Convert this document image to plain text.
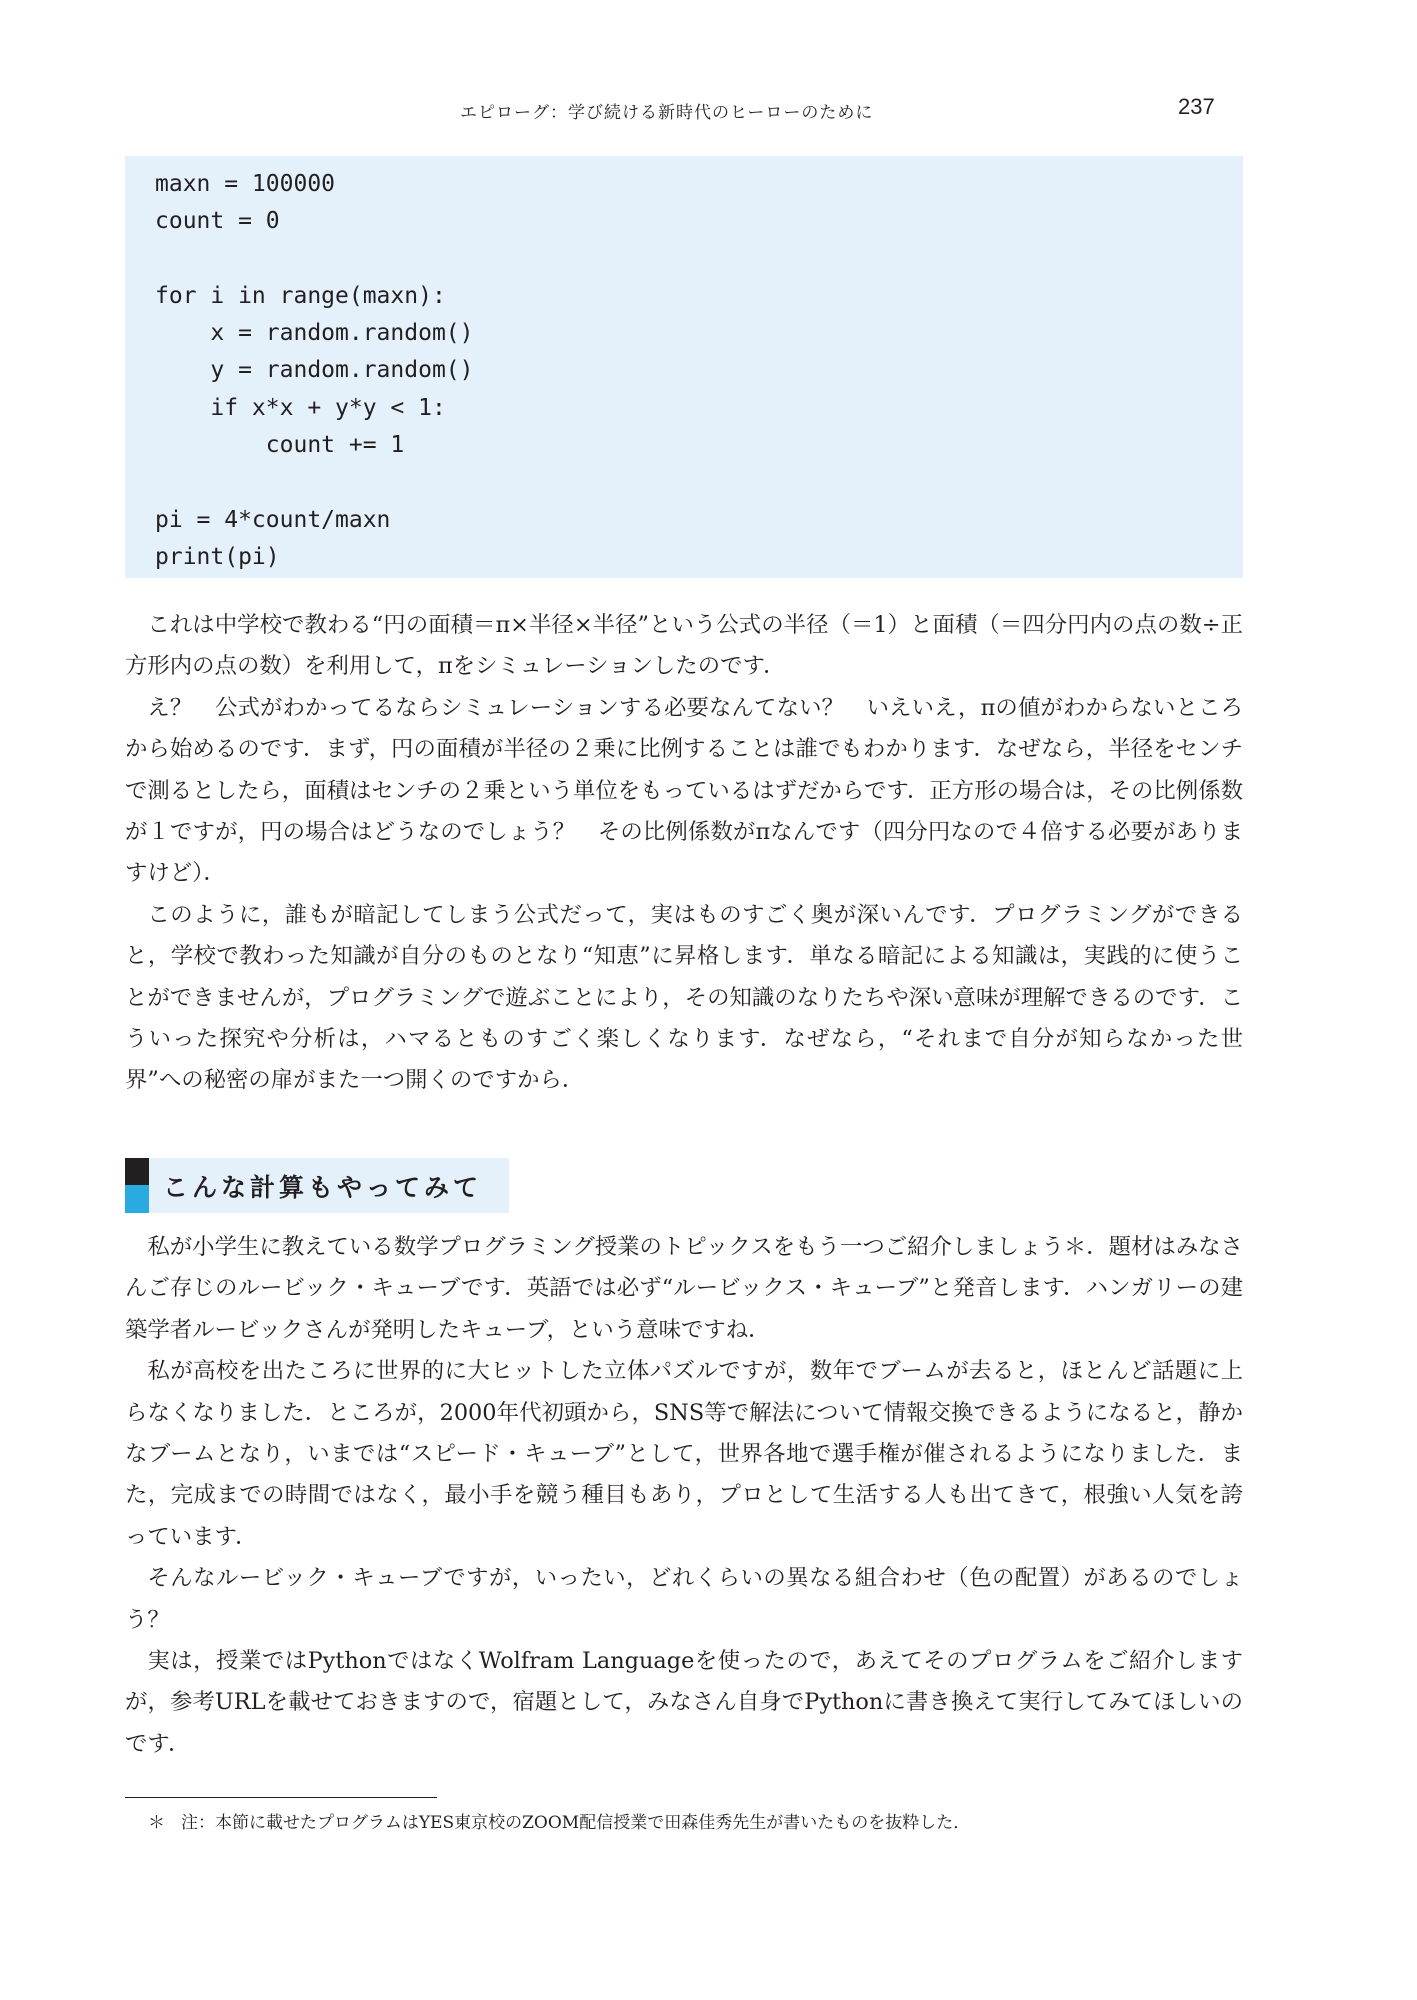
エピローグ：学び続ける新時代のヒーローのために	237
maxn = 100000
count = 0
for i in range(maxn):
x = random.random()
y = random.random()
if x*x + y*y < 1:
count += 1
pi = 4*count/maxn
print(pi)

これは中学校で教わる“円の面積＝π×半径×半径”という公式の半径（＝1）と面積（＝四分円内の点の数÷正方形内の点の数）を利用して，πをシミュレーションしたのです．

え？　公式がわかってるならシミュレーションする必要なんてない？　いえいえ，πの値がわからないところから始めるのです．まず，円の面積が半径の２乗に比例することは誰でもわかります．なぜなら，半径をセンチで測るとしたら，面積はセンチの２乗という単位をもっているはずだからです．正方形の場合は，その比例係数が１ですが，円の場合はどうなのでしょう？　その比例係数がπなんです（四分円なので４倍する必要がありますけど）．

このように，誰もが暗記してしまう公式だって，実はものすごく奥が深いんです．プログラミングができると，学校で教わった知識が自分のものとなり“知恵”に昇格します．単なる暗記による知識は，実践的に使うことができませんが，プログラミングで遊ぶことにより，その知識のなりたちや深い意味が理解できるのです．こういった探究や分析は，ハマるとものすごく楽しくなります．なぜなら，“それまで自分が知らなかった世界”への秘密の扉がまた一つ開くのですから．

こんな計算もやってみて

私が小学生に教えている数学プログラミング授業のトピックスをもう一つご紹介しましょう＊．題材はみなさんご存じのルービック・キューブです．英語では必ず“ルービックス・キューブ”と発音します．ハンガリーの建築学者ルービックさんが発明したキューブ，という意味ですね．

私が高校を出たころに世界的に大ヒットした立体パズルですが，数年でブームが去ると，ほとんど話題に上らなくなりました．ところが，2000年代初頭から，SNS等で解法について情報交換できるようになると，静かなブームとなり，いまでは“スピード・キューブ”として，世界各地で選手権が催されるようになりました．また，完成までの時間ではなく，最小手を競う種目もあり，プロとして生活する人も出てきて，根強い人気を誇っています．

そんなルービック・キューブですが，いったい，どれくらいの異なる組合わせ（色の配置）があるのでしょう？

実は，授業ではPythonではなくWolfram Languageを使ったので，あえてそのプログラムをご紹介しますが，参考URLを載せておきますので，宿題として，みなさん自身でPythonに書き換えて実行してみてほしいのです．

＊ 注：本節に載せたプログラムはYES東京校のZOOM配信授業で田森佳秀先生が書いたものを抜粋した．
